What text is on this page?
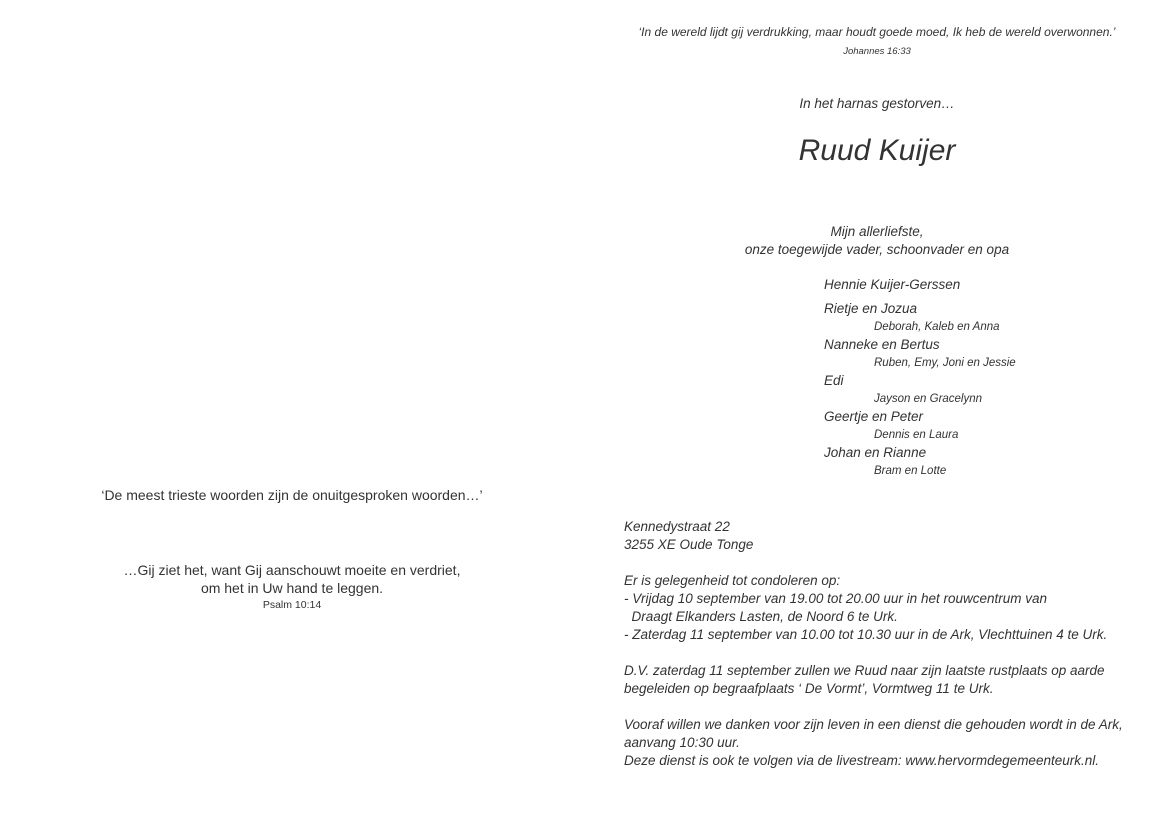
‘De meest trieste woorden zijn de onuitgesproken woorden…’
…Gij ziet het, want Gij aanschouwt moeite en verdriet,
om het in Uw hand te leggen.
Psalm 10:14
‘In de wereld lijdt gij verdrukking, maar houdt goede moed, Ik heb de wereld overwonnen.’
Johannes 16:33
In het harnas gestorven…
Ruud Kuijer
Mijn allerliefste,
onze toegewijde vader, schoonvader en opa
Hennie Kuijer-Gerssen
Rietje en Jozua
Deborah, Kaleb en Anna
Nanneke en Bertus
Ruben, Emy, Joni en Jessie
Edi
Jayson en Gracelynn
Geertje en Peter
Dennis en Laura
Johan en Rianne
Bram en Lotte
Kennedystraat 22
3255 XE Oude Tonge
Er is gelegenheid tot condoleren op:
- Vrijdag 10 september van 19.00 tot 20.00 uur in het rouwcentrum van
Draagt Elkanders Lasten, de Noord 6 te Urk.
- Zaterdag 11 september van 10.00 tot 10.30 uur in de Ark, Vlechttuinen 4 te Urk.
D.V. zaterdag 11 september zullen we Ruud naar zijn laatste rustplaats op aarde
begeleiden op begraafplaats ‘ De Vormt’, Vormtweg 11 te Urk.
Vooraf willen we danken voor zijn leven in een dienst die gehouden wordt in de Ark,
aanvang 10:30 uur.
Deze dienst is ook te volgen via de livestream: www.hervormdegemeenteurk.nl.
